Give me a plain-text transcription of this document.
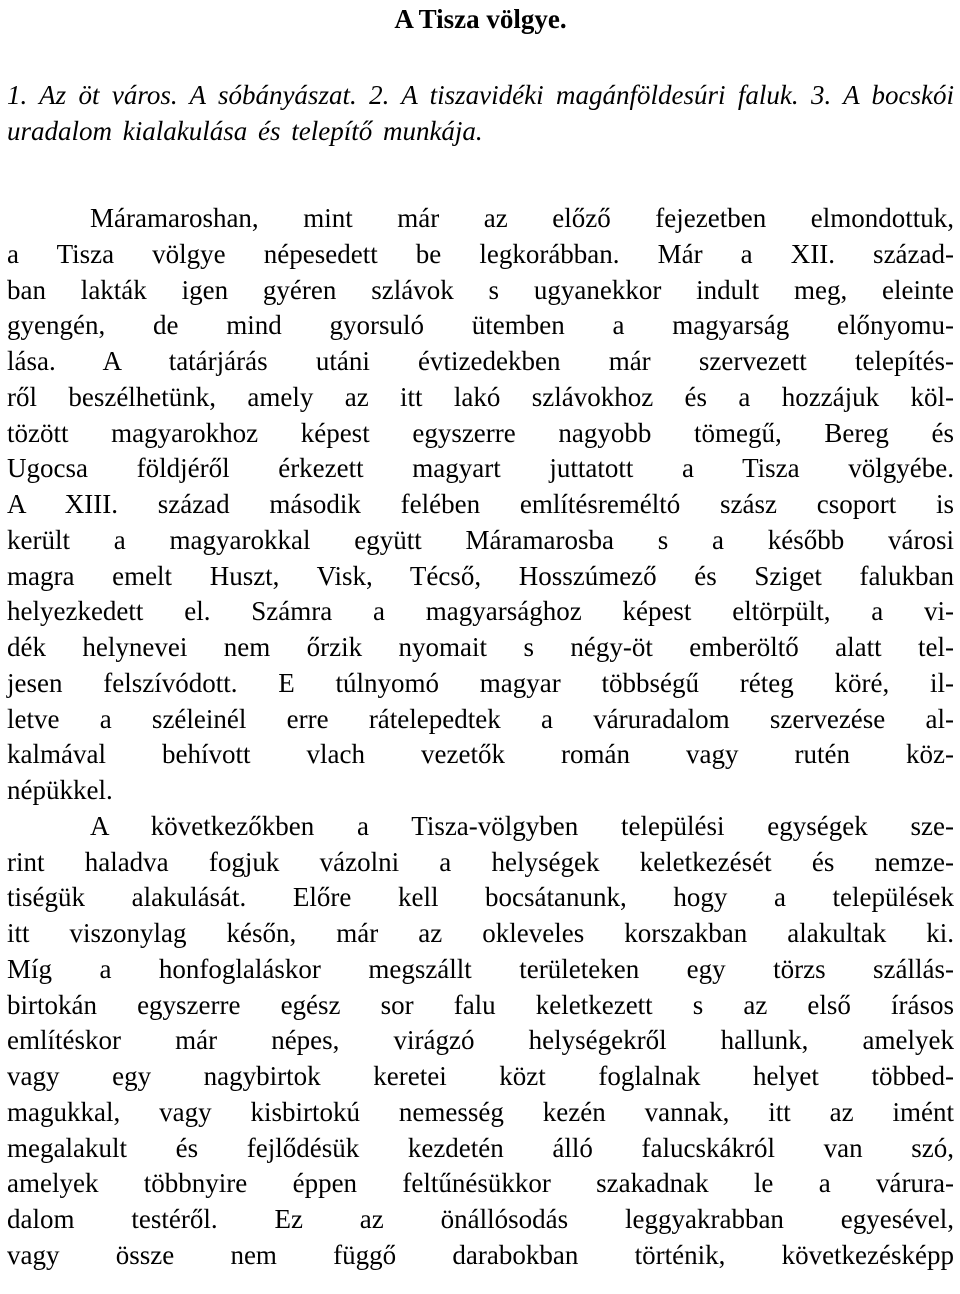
A Tisza völgye.

1. Az öt város. A sóbányászat. 2. A tiszavidéki magánföldesúri faluk. 3. A bocskói uradalom kialakulása és telepítő munkája.

Máramaroshan, mint már az előző fejezetben elmondottuk,
a Tisza völgye népesedett be legkorábban. Már a XII. század-
ban lakták igen gyéren szlávok s ugyanekkor indult meg, eleinte
gyengén, de mind gyorsuló ütemben a magyarság előnyomu-
lása. A tatárjárás utáni évtizedekben már szervezett telepítés-
ről beszélhetünk, amely az itt lakó szlávokhoz és a hozzájuk köl-
tözött magyarokhoz képest egyszerre nagyobb tömegű, Bereg és
Ugocsa földjéről érkezett magyart juttatott a Tisza völgyébe.
A XIII. század második felében említésreméltó szász csoport is
került a magyarokkal együtt Máramarosba s a később városi
magra emelt Huszt, Visk, Técső, Hosszúmező és Sziget falukban
helyezkedett el. Számra a magyarsághoz képest eltörpült, a vi-
dék helynevei nem őrzik nyomait s négy-öt emberöltő alatt tel-
jesen felszívódott. E túlnyomó magyar többségű réteg köré, il-
letve a széleinél erre rátelepedtek a váruradalom szervezése al-
kalmával behívott vlach vezetők román vagy rutén köz-
népükkel.
A következőkben a Tisza-völgyben települési egységek sze-
rint haladva fogjuk vázolni a helységek keletkezését és nemze-
tiségük alakulását. Előre kell bocsátanunk, hogy a települések
itt viszonylag későn, már az okleveles korszakban alakultak ki.
Míg a honfoglaláskor megszállt területeken egy törzs szállás-
birtokán egyszerre egész sor falu keletkezett s az első írásos
említéskor már népes, virágzó helységekről hallunk, amelyek
vagy egy nagybirtok keretei közt foglalnak helyet többed-
magukkal, vagy kisbirtokú nemesség kezén vannak, itt az imént
megalakult és fejlődésük kezdetén álló falucskákról van szó,
amelyek többnyire éppen feltűnésükkor szakadnak le a várura-
dalom testéről. Ez az önállósodás leggyakrabban egyesével,
vagy össze nem függő darabokban történik, következésképp
